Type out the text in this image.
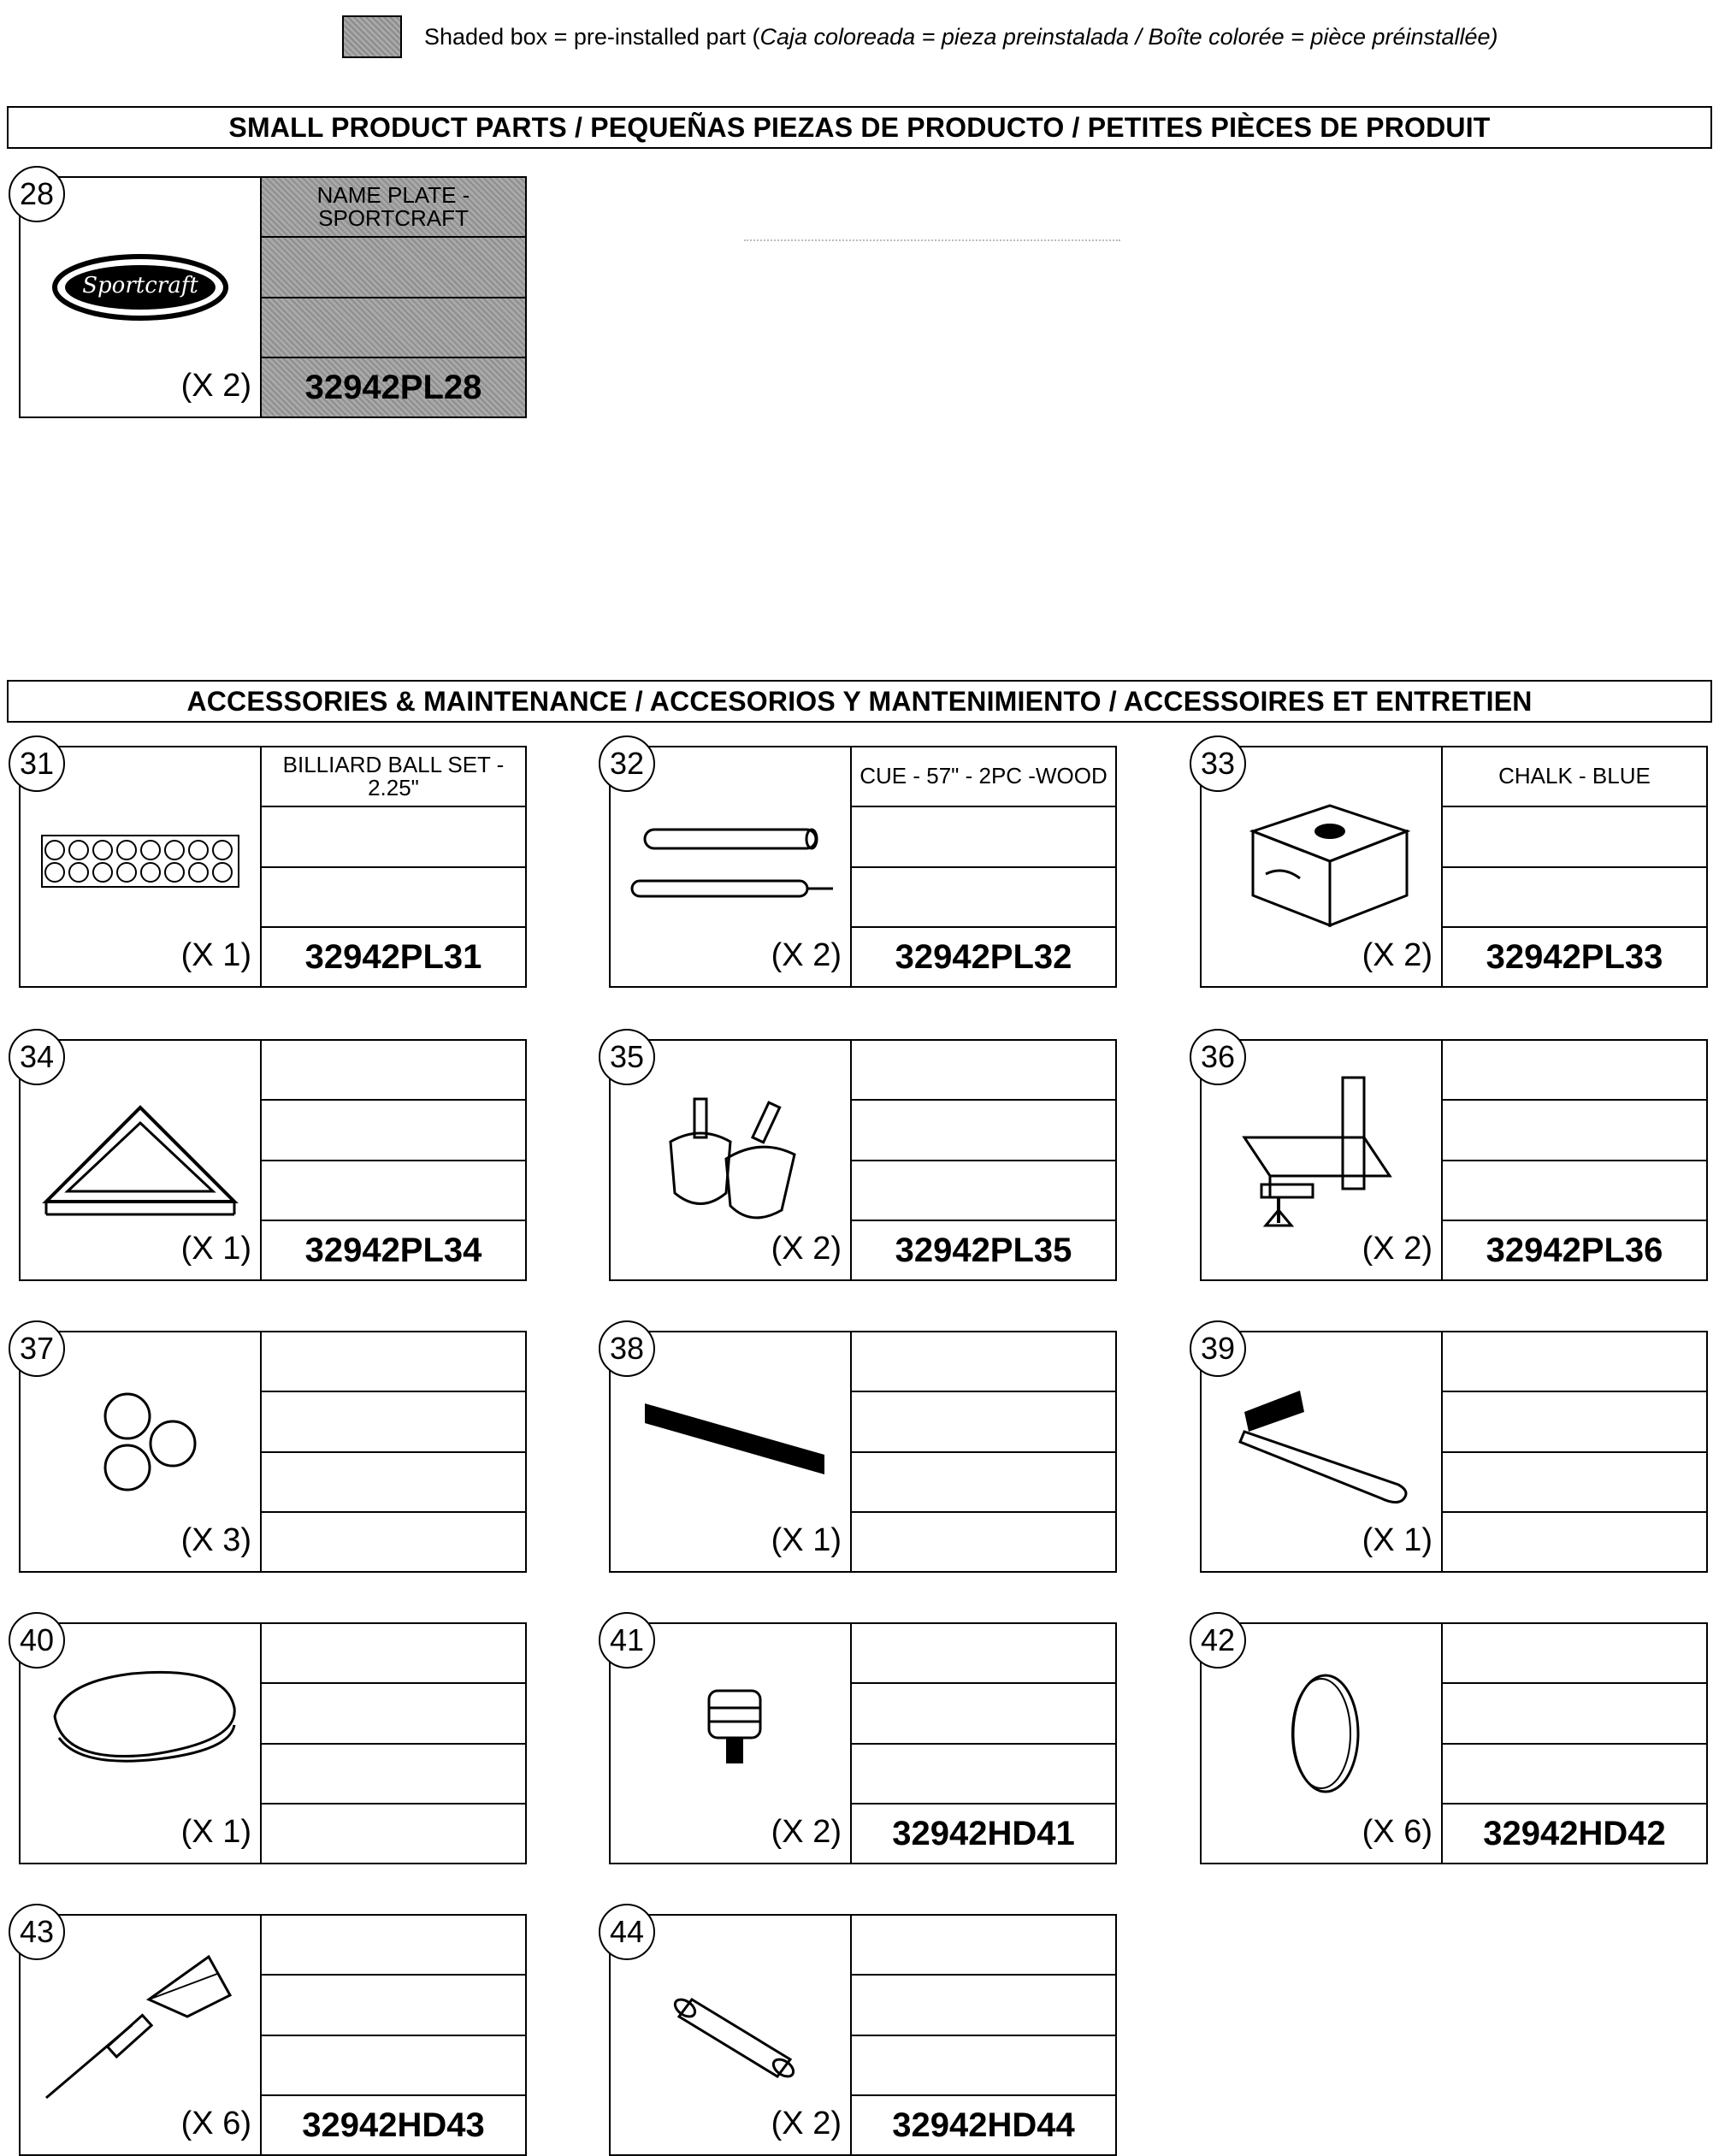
Shaded box = pre-installed part (Caja coloreada = pieza preinstalada / Boîte colorée = pièce préinstallée)
SMALL PRODUCT PARTS / PEQUEÑAS PIEZAS DE PRODUCTO / PETITES PIÈCES DE PRODUIT
ACCESSORIES & MAINTENANCE / ACCESORIOS Y MANTENIMIENTO / ACCESSOIRES ET ENTRETIEN
28
Sportcraft
(X 2)
NAME PLATE - SPORTCRAFT
32942PL28
31
(X 1)
BILLIARD BALL SET - 2.25"
32942PL31
32
(X 2)
CUE - 57" - 2PC -WOOD
32942PL32
33
(X 2)
CHALK - BLUE
32942PL33
34
(X 1)	32942PL34
35
(X 2)	32942PL35
36
(X 2)	32942PL36
37
(X 3)
38
(X 1)
39
(X 1)
40
(X 1)
41
(X 2)	32942HD41
42
(X 6)	32942HD42
43
(X 6)	32942HD43
44
(X 2)	32942HD44
